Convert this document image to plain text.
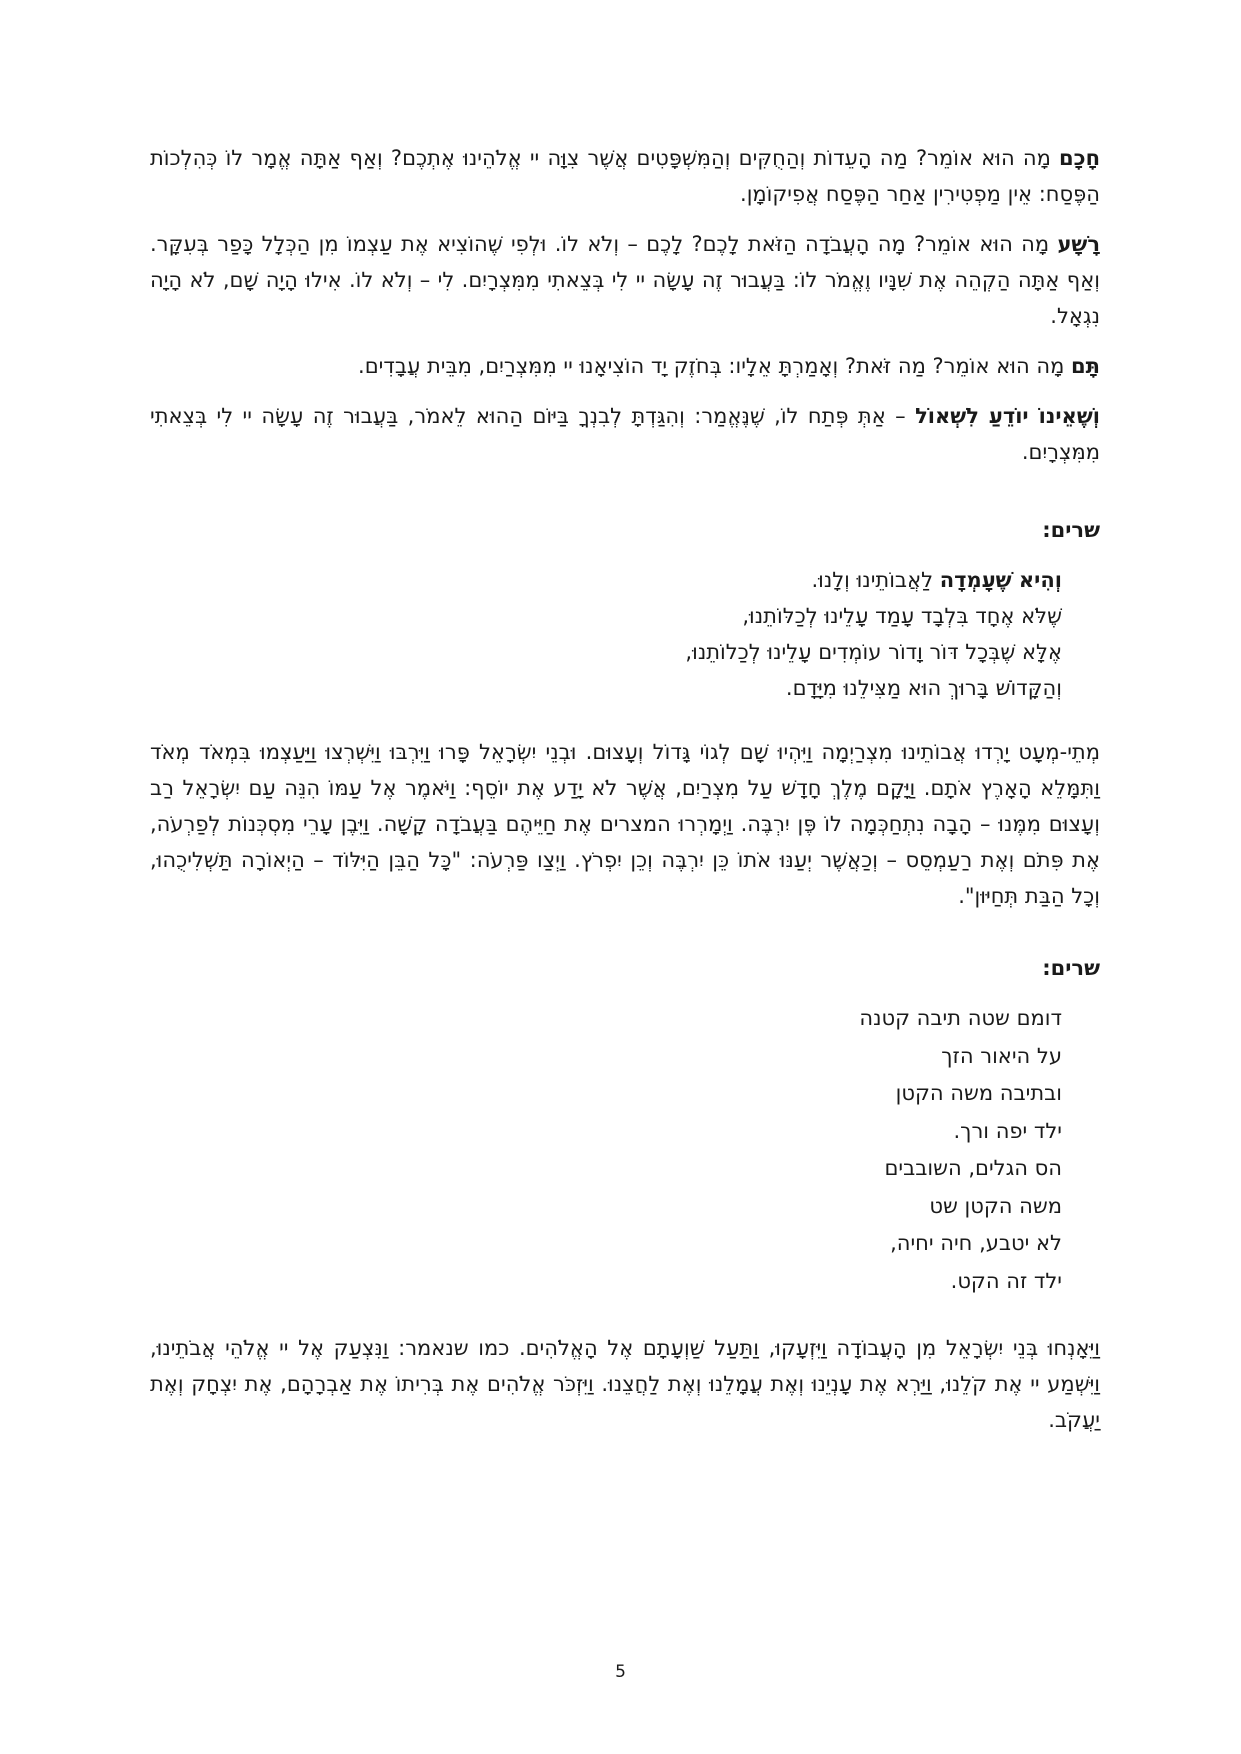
חָכָם מָה הוּא אוֹמֵר? מַה הָעֵדוֹת וְהַחֻקִּים וְהַמִּשְׁפָּטִים אֲשֶׁר צִוָּה יי אֱלֹהֵינוּ אֶתְכֶם? וְאַף אַתָּה אֱמָר לוֹ כְּהִלְכוֹת הַפֶּסַח: אֵין מַפְטִירִין אַחַר הַפֶּסַח אֲפִיקוֹמָן.

רָשָׁע מָה הוּא אוֹמֵר? מָה הָעֲבֹדָה הַזֹּאת לָכֶם? לָכֶם – וְלֹא לוֹ. וּלְפִי שֶׁהוֹצִיא אֶת עַצְמוֹ מִן הַכְּלָל כָּפַר בְּעִקָּר. וְאַף אַתָּה הַקְהֵה אֶת שִׁנָּיו וֶאֱמֹר לוֹ: בַּעֲבוּר זֶה עָשָׂה יי לִי בְּצֵאתִי מִמִּצְרָיִם. לִי – וְלֹא לוֹ. אִילוּ הָיָה שָׁם, לֹא הָיָה נִגְאָל.

תָּם מָה הוּא אוֹמֵר? מַה זֹּאת? וְאָמַרְתָּ אֵלָיו: בְּחֹזֶק יָד הוֹצִיאָנוּ יי מִמִּצְרַיִם, מִבֵּית עֲבָדִים.

וְשֶׁאֵינוֹ יוֹדֵעַ לִשְׁאוֹל – אַתְּ פְּתַח לוֹ, שֶׁנֶּאֱמַר: וְהִגַּדְתָּ לְבִנְךָ בַּיּוֹם הַהוּא לֵאמֹר, בַּעֲבוּר זֶה עָשָׂה יי לִי בְּצֵאתִי מִמִּצְרָיִם.

שרים:
וְהִיא שֶׁעָמְדָה לַאֲבוֹתֵינוּ וְלָנוּ.
שֶׁלֹּא אֶחָד בִּלְבָד עָמַד עָלֵינוּ לְכַלּוֹתֵנוּ,
אֶלָּא שֶׁבְּכָל דּוֹר וָדוֹר עוֹמְדִים עָלֵינוּ לְכַלוֹתֵנוּ,
וְהַקָּדוֹשׁ בָּרוּךְ הוּא מַצִּילֵנוּ מִיָּדָם.

מְתֵי-מְעָט יָרְדוּ אֲבוֹתֵינוּ מִצְרַיְמָה וַיִּהְיוּ שָׁם לְגוֹי גָּדוֹל וְעָצוּם. וּבְנֵי יִשְׂרָאֵל פָּרוּ וַיִּרְבּוּ וַיִּשְׁרְצוּ וַיַּעַצְמוּ בִּמְאֹד מְאֹד וַתִּמָּלֵא הָאָרֶץ אֹתָם. וַיָּקָם מֶלֶךְ חָדָשׁ עַל מִצְרַיִם, אֲשֶׁר לֹא יָדַע אֶת יוֹסֵף: וַיֹּאמֶר אֶל עַמּוֹ הִנֵּה עַם יִשְׂרָאֵל רַב וְעָצוּם מִמֶּנוּ – הָבָה נִתְחַכְּמָה לוֹ פֶּן יִרְבֶּה. וַיְמָרְרוּ המצרים אֶת חַיֵּיהֶם בַּעֲבֹדָה קָשָׁה. וַיִּבֶן עָרֵי מִסְכְּנוֹת לְפַרְעֹה, אֶת פִּתֹם וְאֶת רַעַמְסֵס – וְכַאֲשֶׁר יְעַנּוּ אֹתוֹ כֵּן יִרְבֶּה וְכֵן יִפְרֹץ. וַיְצַו פַּרְעֹה: "כָּל הַבֵּן הַיִּלּוֹד – הַיְאוֹרָה תַּשְׁלִיכֻהוּ, וְכָל הַבַּת תְּחַיּוּן".

שרים:
דומם שטה תיבה קטנה
על היאור הזך
ובתיבה משה הקטן
ילד יפה ורך.
הס הגלים, השובבים
משה הקטן שט
לא יטבע, חיה יחיה,
ילד זה הקט.

וַיֵּאָנְחוּ בְּנֵי יִשְׂרָאֵל מִן הָעֲבוֹדָה וַיִּזְעָקוּ, וַתַּעַל שַׁוְעָתָם אֶל הָאֱלֹהִים. כמו שנאמר: וַנִּצְעַק אֶל יי אֱלֹהֵי אֲבֹתֵינוּ, וַיִּשְׁמַע יי אֶת קֹלֵנוּ, וַיַּרְא אֶת עָנְיֵנוּ וְאֶת עֲמָלֵנוּ וְאֶת לַחֲצֵנוּ. וַיִּזְכֹּר אֱלֹהִים אֶת בְּרִיתוֹ אֶת אַבְרָהָם, אֶת יִצְחָק וְאֶת יַעֲקֹב.

5
